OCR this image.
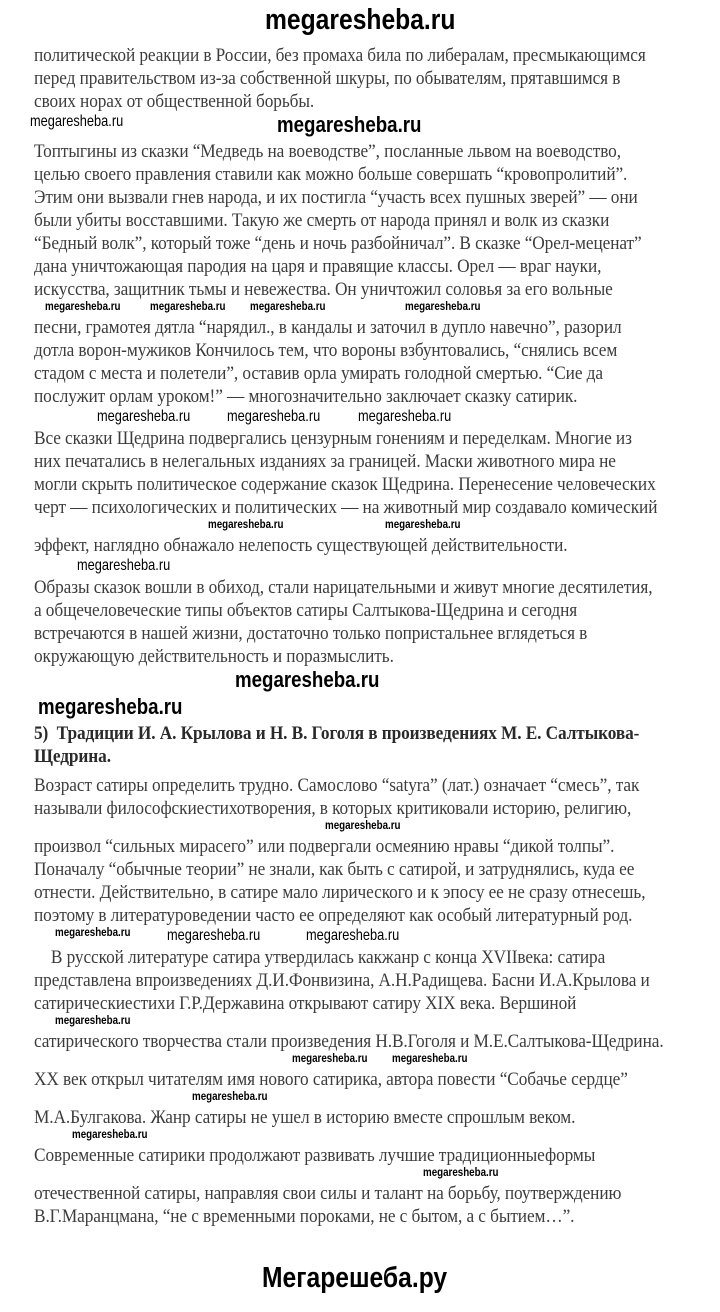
megaresheba.ru
политической реакции в России, без промаха била по либералам, пресмыкающимся
перед правительством из-за собственной шкуры, по обывателям, прятавшимся в
своих норах от общественной борьбы.
megaresheba.ru	megaresheba.ru
Топтыгины из сказки “Медведь на воеводстве”, посланные львом на воеводство,
целью своего правления ставили как можно больше совершать “кровопролитий”.
Этим они вызвали гнев народа, и их постигла “участь всех пушных зверей” — они
были убиты восставшими. Такую же смерть от народа принял и волк из сказки
“Бедный волк”, который тоже “день и ночь разбойничал”. В сказке “Орел-меценат”
дана уничтожающая пародия на царя и правящие классы. Орел — враг науки,
искусства, защитник тьмы и невежества. Он уничтожил соловья за его вольные
megaresheba.ru	megaresheba.ru megaresheba.ru	megaresheba.ru
песни, грамотея дятла “нарядил., в кандалы и заточил в дупло навечно”, разорил
дотла ворон-мужиков Кончилось тем, что вороны взбунтовались, “снялись всем
стадом с места и полетели”, оставив орла умирать голодной смертью. “Сие да
послужит орлам уроком!” — многозначительно заключает сказку сатирик.
megaresheba.ru megaresheba.ru megaresheba.ru
Все сказки Щедрина подвергались цензурным гонениям и переделкам. Многие из
них печатались в нелегальных изданиях за границей. Маски животного мира не
могли скрыть политическое содержание сказок Щедрина. Перенесение человеческих
черт — психологических и политических — на животный мир создавало комический
megaresheba.ru	megaresheba.ru
эффект, наглядно обнажало нелепость существующей действительности.
megaresheba.ru
Образы сказок вошли в обиход, стали нарицательными и живут многие десятилетия,
а общечеловеческие типы объектов сатиры Салтыкова-Щедрина и сегодня
встречаются в нашей жизни, достаточно только попристальнее вглядеться в
окружающую действительность и поразмыслить.
megaresheba.ru
megaresheba.ru
5)  Традиции И. А. Крылова и Н. В. Гоголя в произведениях М. Е. Салтыкова-
Щедрина.
Возраст сатиры определить трудно. Самослово “satyra” (лат.) означает “смесь”, так
называли философскиестихотворения, в которых критиковали историю, религию,
megaresheba.ru
произвол “сильных мирасего” или подвергали осмеянию нравы “дикой толпы”.
Поначалу “обычные теории” не знали, как быть с сатирой, и затруднялись, куда ее
отнести. Действительно, в сатире мало лирического и к эпосу ее не сразу отнесешь,
поэтому в литературоведении часто ее определяют как особый литературный род.
megaresheba.ru megaresheba.ru	megaresheba.ru
В русской литературе сатира утвердилась какжанр с конца XVIIвека: сатира
представлена впроизведениях Д.И.Фонвизина, А.Н.Радищева. Басни И.А.Крылова и
сатирическиестихи Г.Р.Державина открывают сатиру XIX века. Вершиной
megaresheba.ru
сатирического творчества стали произведения Н.В.Гоголя и М.Е.Салтыкова-Щедрина.
megaresheba.ru megaresheba.ru
XX век открыл читателям имя нового сатирика, автора повести “Собачье сердце”
megaresheba.ru
М.А.Булгакова. Жанр сатиры не ушел в историю вместе спрошлым веком.
megaresheba.ru
Современные сатирики продолжают развивать лучшие традиционныеформы
megaresheba.ru
отечественной сатиры, направляя свои силы и талант на борьбу, поутверждению
В.Г.Маранцмана, “не с временными пороками, не с бытом, а с бытием…”.
Мегарешеба.ру
